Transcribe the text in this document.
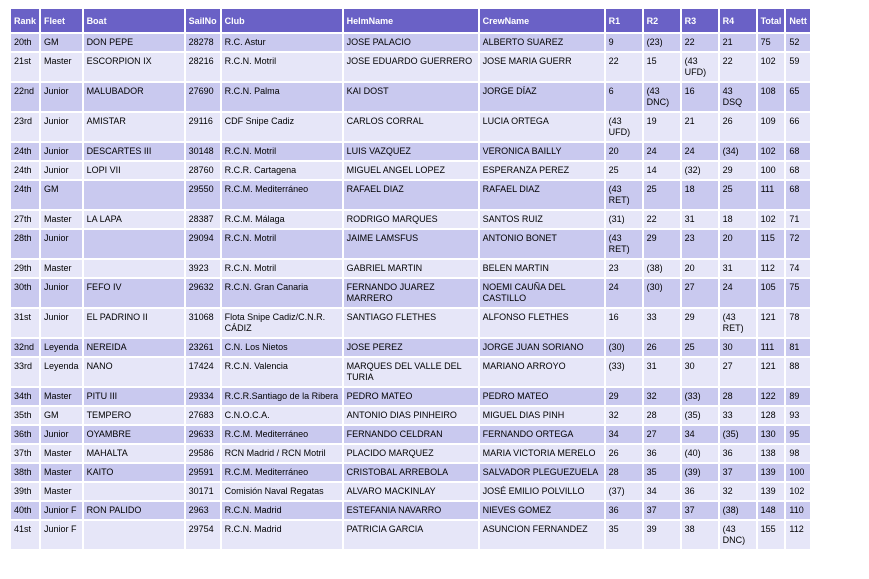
Rank	Fleet	Boat	SailNo	Club	HelmName	CrewName	R1	R2	R3	R4	Total	Nett
20th	GM	DON PEPE	28278	R.C. Astur	JOSE PALACIO	ALBERTO SUAREZ	9	(23)	22	21	75	52
21st	Master	ESCORPION IX	28216	R.C.N. Motril	JOSE EDUARDO GUERRERO	JOSE MARIA GUERR	22	15	(43 UFD)	22	102	59
22nd	Junior	MALUBADOR	27690	R.C.N. Palma	KAI DOST	JORGE DÍAZ	6	(43 DNC)	16	43 DSQ	108	65
23rd	Junior	AMISTAR	29116	CDF Snipe Cadiz	CARLOS CORRAL	LUCIA ORTEGA	(43 UFD)	19	21	26	109	66
24th	Junior	DESCARTES III	30148	R.C.N. Motril	LUIS VAZQUEZ	VERONICA BAILLY	20	24	24	(34)	102	68
24th	Junior	LOPI VII	28760	R.C.R. Cartagena	MIGUEL ANGEL LOPEZ	ESPERANZA PEREZ	25	14	(32)	29	100	68
24th	GM		29550	R.C.M. Mediterráneo	RAFAEL DIAZ	RAFAEL DIAZ	(43 RET)	25	18	25	111	68
27th	Master	LA LAPA	28387	R.C.M. Málaga	RODRIGO MARQUES	SANTOS RUIZ	(31)	22	31	18	102	71
28th	Junior		29094	R.C.N. Motril	JAIME LAMSFUS	ANTONIO BONET	(43 RET)	29	23	20	115	72
29th	Master		3923	R.C.N. Motril	GABRIEL MARTIN	BELEN MARTIN	23	(38)	20	31	112	74
30th	Junior	FEFO IV	29632	R.C.N. Gran Canaria	FERNANDO JUAREZ MARRERO	NOEMI CAUÑA DEL CASTILLO	24	(30)	27	24	105	75
31st	Junior	EL PADRINO II	31068	Flota Snipe Cadiz/C.N.R. CÁDIZ	SANTIAGO FLETHES	ALFONSO FLETHES	16	33	29	(43 RET)	121	78
32nd	Leyenda	NEREIDA	23261	C.N. Los Nietos	JOSE PEREZ	JORGE JUAN SORIANO	(30)	26	25	30	111	81
33rd	Leyenda	NANO	17424	R.C.N. Valencia	MARQUES DEL VALLE DEL TURIA	MARIANO ARROYO	(33)	31	30	27	121	88
34th	Master	PITU III	29334	R.C.R.Santiago de la Ribera	PEDRO MATEO	PEDRO MATEO	29	32	(33)	28	122	89
35th	GM	TEMPERO	27683	C.N.O.C.A.	ANTONIO DIAS PINHEIRO	MIGUEL DIAS PINH	32	28	(35)	33	128	93
36th	Junior	OYAMBRE	29633	R.C.M. Mediterráneo	FERNANDO CELDRAN	FERNANDO ORTEGA	34	27	34	(35)	130	95
37th	Master	MAHALTA	29586	RCN Madrid / RCN Motril	PLACIDO MARQUEZ	MARIA VICTORIA MERELO	26	36	(40)	36	138	98
38th	Master	KAITO	29591	R.C.M. Mediterráneo	CRISTOBAL ARREBOLA	SALVADOR PLEGUEZUELA	28	35	(39)	37	139	100
39th	Master		30171	Comisión Naval Regatas	ALVARO MACKINLAY	JOSÉ EMILIO POLVILLO	(37)	34	36	32	139	102
40th	Junior F	RON PALIDO	2963	R.C.N. Madrid	ESTEFANIA NAVARRO	NIEVES GOMEZ	36	37	37	(38)	148	110
41st	Junior F		29754	R.C.N. Madrid	PATRICIA GARCIA	ASUNCION FERNANDEZ	35	39	38	(43 DNC)	155	112
